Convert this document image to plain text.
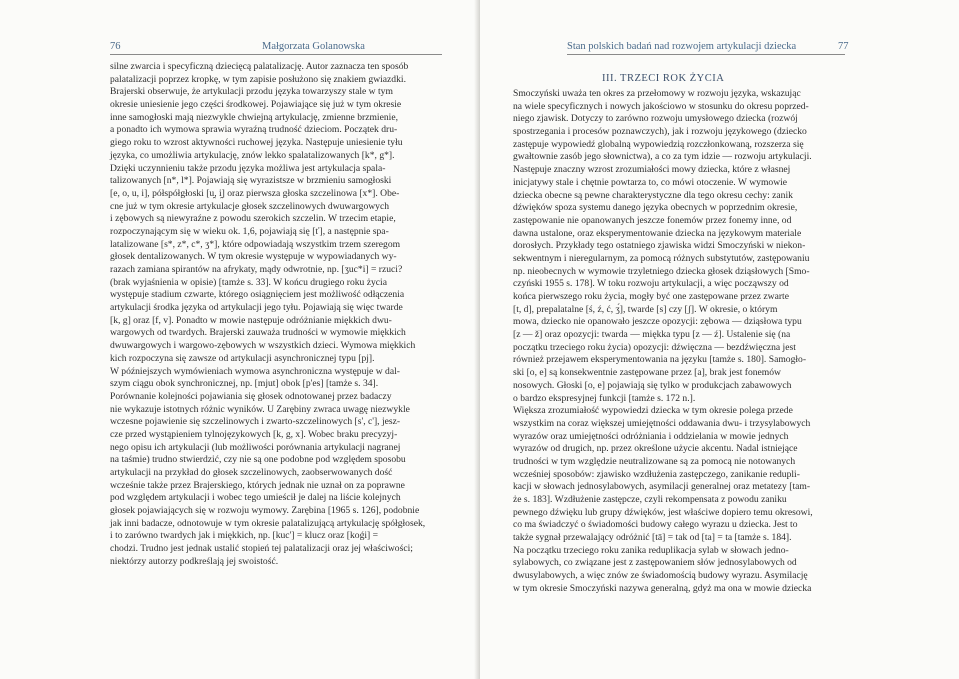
76	Małgorzata Golanowska
silne zwarcia i specyficzną dziecięcą palatalizację. Autor zaznacza ten sposób
palatalizacji poprzez kropkę, w tym zapisie posłużono się znakiem gwiazdki.
Brajerski obserwuje, że artykulacji przodu języka towarzyszy stale w tym
okresie uniesienie jego części środkowej. Pojawiające się już w tym okresie
inne samogłoski mają niezwykle chwiejną artykulację, zmienne brzmienie,
a ponadto ich wymowa sprawia wyraźną trudność dzieciom. Początek dru-
giego roku to wzrost aktywności ruchowej języka. Następuje uniesienie tyłu
języka, co umożliwia artykulację, znów lekko spalatalizowanych [k*, g*].
Dzięki uczynnieniu także przodu języka możliwa jest artykulacja spala-
talizowanych [n*, l*]. Pojawiają się wyrazistsze w brzmieniu samogłoski
[e, o, u, i], półspółgłoski [u̯, i̯] oraz pierwsza głoska szczelinowa [x*]. Obe-
cne już w tym okresie artykulacje głosek szczelinowych dwuwargowych
i zębowych są niewyraźne z powodu szerokich szczelin. W trzecim etapie,
rozpoczynającym się w wieku ok. 1,6, pojawiają się [ť], a następnie spa-
latalizowane [s*, z*, c*, ʒ*], które odpowiadają wszystkim trzem szeregom
głosek dentalizowanych. W tym okresie występuje w wypowiadanych wy-
razach zamiana spirantów na afrykaty, mądy odwrotnie, np. [ʒuc*i] = rzuci?
(brak wyjaśnienia w opisie) [tamże s. 33]. W końcu drugiego roku życia
występuje stadium czwarte, którego osiągnięciem jest możliwość odłączenia
artykulacji środka języka od artykulacji jego tyłu. Pojawiają się więc twarde
[k, g] oraz [f, v]. Ponadto w mowie następuje odróżnianie miękkich dwu-
wargowych od twardych. Brajerski zauważa trudności w wymowie miękkich
dwuwargowych i wargowo-zębowych w wszystkich dzieci. Wymowa miękkich
kich rozpoczyna się zawsze od artykulacji asynchronicznej typu [pj].
W późniejszych wymówieniach wymowa asynchroniczna występuje w dal-
szym ciągu obok synchronicznej, np. [mjut] obok [p'es] [tamże s. 34].
Porównanie kolejności pojawiania się głosek odnotowanej przez badaczy
nie wykazuje istotnych różnic wyników. U Zarębiny zwraca uwagę niezwykle
wczesne pojawienie się szczelinowych i zwarto-szczelinowych [s', c'], jesz-
cze przed wystąpieniem tylnojęzykowych [k, g, x]. Wobec braku precyzyj-
nego opisu ich artykulacji (lub możliwości porównania artykulacji nagranej
na taśmie) trudno stwierdzić, czy nie są one podobne pod względem sposobu
artykulacji na przykład do głosek szczelinowych, zaobserwowanych dość
wcześnie także przez Brajerskiego, których jednak nie uznał on za poprawne
pod względem artykulacji i wobec tego umieścił je dalej na liście kolejnych
głosek pojawiających się w rozwoju wymowy. Zarębina [1965 s. 126], podobnie
jak inni badacze, odnotowuje w tym okresie palatalizującą artykulację spółgłosek,
i to zarówno twardych jak i miękkich, np. [kuc'] = klucz oraz [koǵi] =
chodzi. Trudno jest jednak ustalić stopień tej palatalizacji oraz jej właściwości;
niektórzy autorzy podkreślają jej swoistość.
Stan polskich badań nad rozwojem artykulacji dziecka	77
III. TRZECI ROK ŻYCIA
Smoczyński uważa ten okres za przełomowy w rozwoju języka, wskazując
na wiele specyficznych i nowych jakościowo w stosunku do okresu poprzed-
niego zjawisk. Dotyczy to zarówno rozwoju umysłowego dziecka (rozwój
spostrzegania i procesów poznawczych), jak i rozwoju językowego (dziecko
zastępuje wypowiedź globalną wypowiedzią rozczłonkowaną, rozszerza się
gwałtownie zasób jego słownictwa), a co za tym idzie — rozwoju artykulacji.
Następuje znaczny wzrost zrozumiałości mowy dziecka, które z własnej
inicjatywy stale i chętnie powtarza to, co mówi otoczenie. W wymowie
dziecka obecne są pewne charakterystyczne dla tego okresu cechy: zanik
dźwięków spoza systemu danego języka obecnych w poprzednim okresie,
zastępowanie nie opanowanych jeszcze fonemów przez fonemy inne, od
dawna ustalone, oraz eksperymentowanie dziecka na językowym materiale
dorosłych. Przykłady tego ostatniego zjawiska widzi Smoczyński w niekon-
sekwentnym i nieregularnym, za pomocą różnych substytutów, zastępowaniu
np. nieobecnych w wymowie trzyletniego dziecka głosek dziąsłowych [Smo-
czyński 1955 s. 178]. W toku rozwoju artykulacji, a więc począwszy od
końca pierwszego roku życia, mogły być one zastępowane przez zwarte
[t, d], prepalatalne [ś, ź, ć, ʒ́], twarde [s] czy [ʃ]. W okresie, o którym
mowa, dziecko nie opanowało jeszcze opozycji: zębowa — dziąsłowa typu
[z — ž] oraz opozycji: twarda — miękka typu [z — ź]. Ustalenie się (na
początku trzeciego roku życia) opozycji: dźwięczna — bezdźwięczna jest
również przejawem eksperymentowania na języku [tamże s. 180]. Samogło-
ski [o, e] są konsekwentnie zastępowane przez [a], brak jest fonemów
nosowych. Głoski [o, e] pojawiają się tylko w produkcjach zabawowych
o bardzo ekspresyjnej funkcji [tamże s. 172 n.].
Większa zrozumiałość wypowiedzi dziecka w tym okresie polega przede
wszystkim na coraz większej umiejętności oddawania dwu- i trzysylabowych
wyrazów oraz umiejętności odróżniania i oddzielania w mowie jednych
wyrazów od drugich, np. przez określone użycie akcentu. Nadal istniejące
trudności w tym względzie neutralizowane są za pomocą nie notowanych
wcześniej sposobów: zjawisko wzdłużenia zastępczego, zanikanie redupli-
kacji w słowach jednosylabowych, asymilacji generalnej oraz metatezy [tam-
że s. 183]. Wzdłużenie zastępcze, czyli rekompensata z powodu zaniku
pewnego dźwięku lub grupy dźwięków, jest właściwe dopiero temu okresowi,
co ma świadczyć o świadomości budowy całego wyrazu u dziecka. Jest to
także sygnał przewalający odróżnić [tā] = tak od [ta] = ta [tamże s. 184].
Na początku trzeciego roku zanika reduplikacja sylab w słowach jedno-
sylabowych, co związane jest z zastępowaniem słów jednosylabowych od
dwusylabowych, a więc znów ze świadomością budowy wyrazu. Asymilację
w tym okresie Smoczyński nazywa generalną, gdyż ma ona w mowie dziecka
